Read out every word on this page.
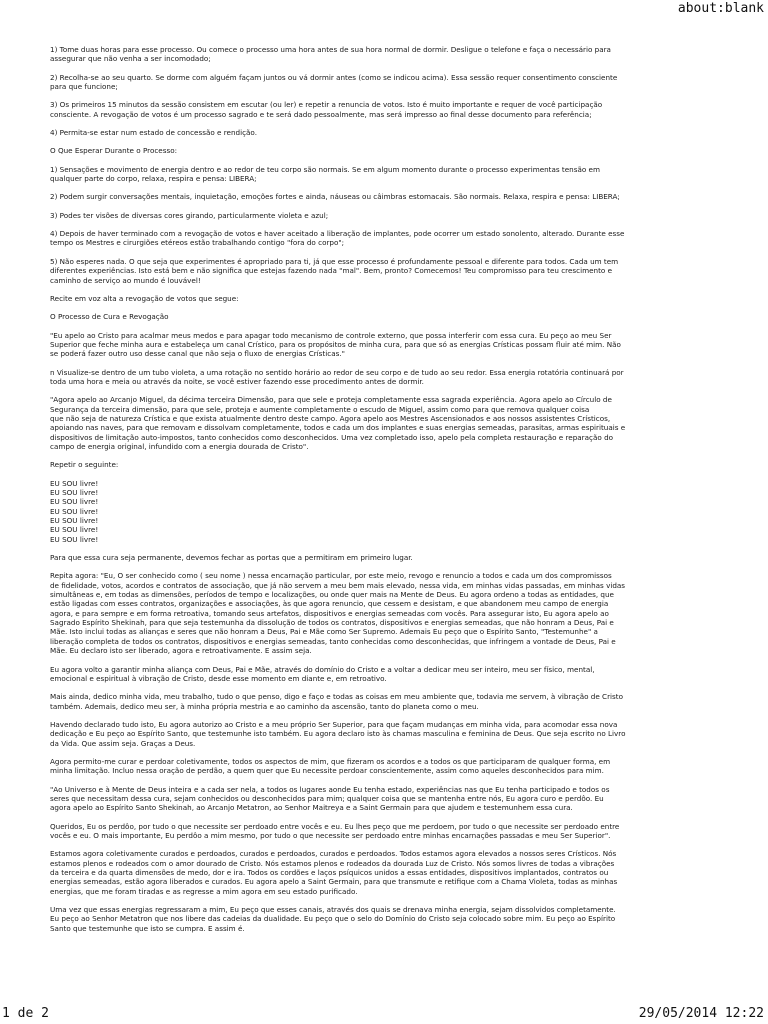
about:blank

1) Tome duas horas para esse processo. Ou comece o processo uma hora antes de sua hora normal de dormir. Desligue o telefone e faça o necessário para
assegurar que não venha a ser incomodado;

2) Recolha-se ao seu quarto. Se dorme com alguém façam juntos ou vá dormir antes (como se indicou acima). Essa sessão requer consentimento consciente
para que funcione;

3) Os primeiros 15 minutos da sessão consistem em escutar (ou ler) e repetir a renuncia de votos. Isto é muito importante e requer de você participação
consciente. A revogação de votos é um processo sagrado e te será dado pessoalmente, mas será impresso ao final desse documento para referência;

4) Permita-se estar num estado de concessão e rendição.

O Que Esperar Durante o Processo:

1) Sensações e movimento de energia dentro e ao redor de teu corpo são normais. Se em algum momento durante o processo experimentas tensão em
qualquer parte do corpo, relaxa, respira e pensa: LIBERA;

2) Podem surgir conversações mentais, inquietação, emoções fortes e ainda, náuseas ou câimbras estomacais. São normais. Relaxa, respira e pensa: LIBERA;

3) Podes ter visões de diversas cores girando, particularmente violeta e azul;

4) Depois de haver terminado com a revogação de votos e haver aceitado a liberação de implantes, pode ocorrer um estado sonolento, alterado. Durante esse
tempo os Mestres e cirurgiões etéreos estão trabalhando contigo "fora do corpo";

5) Não esperes nada. O que seja que experimentes é apropriado para ti, já que esse processo é profundamente pessoal e diferente para todos. Cada um tem
diferentes experiências. Isto está bem e não significa que estejas fazendo nada "mal". Bem, pronto? Comecemos! Teu compromisso para teu crescimento e
caminho de serviço ao mundo é louvável!

Recite em voz alta a revogação de votos que segue:

O Processo de Cura e Revogação

"Eu apelo ao Cristo para acalmar meus medos e para apagar todo mecanismo de controle externo, que possa interferir com essa cura. Eu peço ao meu Ser
Superior que feche minha aura e estabeleça um canal Crístico, para os propósitos de minha cura, para que só as energias Crísticas possam fluir até mim. Não
se poderá fazer outro uso desse canal que não seja o fluxo de energias Crísticas."

n Visualize-se dentro de um tubo violeta, a uma rotação no sentido horário ao redor de seu corpo e de tudo ao seu redor. Essa energia rotatória continuará por
toda uma hora e meia ou através da noite, se você estiver fazendo esse procedimento antes de dormir.

"Agora apelo ao Arcanjo Miguel, da décima terceira Dimensão, para que sele e proteja completamente essa sagrada experiência. Agora apelo ao Círculo de
Segurança da terceira dimensão, para que sele, proteja e aumente completamente o escudo de Miguel, assim como para que remova qualquer coisa
que não seja de natureza Crística e que exista atualmente dentro deste campo. Agora apelo aos Mestres Ascensionados e aos nossos assistentes Crísticos,
apoiando nas naves, para que removam e dissolvam completamente, todos e cada um dos implantes e suas energias semeadas, parasitas, armas espirituais e
dispositivos de limitação auto-impostos, tanto conhecidos como desconhecidos. Uma vez completado isso, apelo pela completa restauração e reparação do
campo de energia original, infundido com a energia dourada de Cristo".

Repetir o seguinte:

EU SOU livre!
EU SOU livre!
EU SOU livre!
EU SOU livre!
EU SOU livre!
EU SOU livre!
EU SOU livre!

Para que essa cura seja permanente, devemos fechar as portas que a permitiram em primeiro lugar.

Repita agora: "Eu, O ser conhecido como ( seu nome ) nessa encarnação particular, por este meio, revogo e renuncio a todos e cada um dos compromissos
de fidelidade, votos, acordos e contratos de associação, que já não servem a meu bem mais elevado, nessa vida, em minhas vidas passadas, em minhas vidas
simultâneas e, em todas as dimensões, períodos de tempo e localizações, ou onde quer mais na Mente de Deus. Eu agora ordeno a todas as entidades, que
estão ligadas com esses contratos, organizações e associações, às que agora renuncio, que cessem e desistam, e que abandonem meu campo de energia
agora, e para sempre e em forma retroativa, tomando seus artefatos, dispositivos e energias semeadas com vocês. Para assegurar isto, Eu agora apelo ao
Sagrado Espírito Shekinah, para que seja testemunha da dissolução de todos os contratos, dispositivos e energias semeadas, que não honram a Deus, Pai e
Mãe. Isto inclui todas as alianças e seres que não honram a Deus, Pai e Mãe como Ser Supremo. Ademais Eu peço que o Espírito Santo, "Testemunhe" a
liberação completa de todos os contratos, dispositivos e energias semeadas, tanto conhecidas como desconhecidas, que infringem a vontade de Deus, Pai e
Mãe. Eu declaro isto ser liberado, agora e retroativamente. E assim seja.

Eu agora volto a garantir minha aliança com Deus, Pai e Mãe, através do domínio do Cristo e a voltar a dedicar meu ser inteiro, meu ser físico, mental,
emocional e espiritual à vibração de Cristo, desde esse momento em diante e, em retroativo.

Mais ainda, dedico minha vida, meu trabalho, tudo o que penso, digo e faço e todas as coisas em meu ambiente que, todavia me servem, à vibração de Cristo
também. Ademais, dedico meu ser, à minha própria mestria e ao caminho da ascensão, tanto do planeta como o meu.

Havendo declarado tudo isto, Eu agora autorizo ao Cristo e a meu próprio Ser Superior, para que façam mudanças em minha vida, para acomodar essa nova
dedicação e Eu peço ao Espírito Santo, que testemunhe isto também. Eu agora declaro isto às chamas masculina e feminina de Deus. Que seja escrito no Livro
da Vida. Que assim seja. Graças a Deus.

Agora permito-me curar e perdoar coletivamente, todos os aspectos de mim, que fizeram os acordos e a todos os que participaram de qualquer forma, em
minha limitação. Incluo nessa oração de perdão, a quem quer que Eu necessite perdoar conscientemente, assim como aqueles desconhecidos para mim.

"Ao Universo e à Mente de Deus inteira e a cada ser nela, a todos os lugares aonde Eu tenha estado, experiências nas que Eu tenha participado e todos os
seres que necessitam dessa cura, sejam conhecidos ou desconhecidos para mim; qualquer coisa que se mantenha entre nós, Eu agora curo e perdôo. Eu
agora apelo ao Espírito Santo Shekinah, ao Arcanjo Metatron, ao Senhor Maitreya e a Saint Germain para que ajudem e testemunhem essa cura.

Queridos, Eu os perdôo, por tudo o que necessite ser perdoado entre vocês e eu. Eu lhes peço que me perdoem, por tudo o que necessite ser perdoado entre
vocês e eu. O mais importante, Eu perdôo a mim mesmo, por tudo o que necessite ser perdoado entre minhas encarnações passadas e meu Ser Superior".

Estamos agora coletivamente curados e perdoados, curados e perdoados, curados e perdoados. Todos estamos agora elevados a nossos seres Crísticos. Nós
estamos plenos e rodeados com o amor dourado de Cristo. Nós estamos plenos e rodeados da dourada Luz de Cristo. Nós somos livres de todas a vibrações
da terceira e da quarta dimensões de medo, dor e ira. Todos os cordões e laços psíquicos unidos a essas entidades, dispositivos implantados, contratos ou
energias semeadas, estão agora liberados e curados. Eu agora apelo a Saint Germain, para que transmute e retifique com a Chama Violeta, todas as minhas
energias, que me foram tiradas e as regresse a mim agora em seu estado purificado.

Uma vez que essas energias regressaram a mim, Eu peço que esses canais, através dos quais se drenava minha energia, sejam dissolvidos completamente.
Eu peço ao Senhor Metatron que nos libere das cadeias da dualidade. Eu peço que o selo do Domínio do Cristo seja colocado sobre mim. Eu peço ao Espírito
Santo que testemunhe que isto se cumpra. E assim é.

1 de 2	29/05/2014 12:22
